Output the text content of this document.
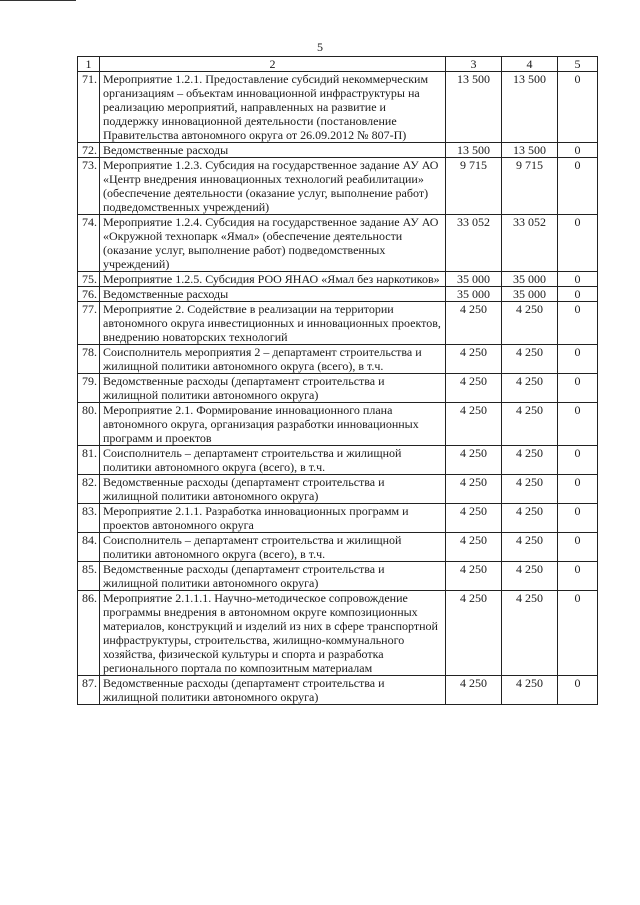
5
1	2	3	4	5
71.	Мероприятие 1.2.1. Предоставление субсидий некоммерческим организациям – объектам инновационной инфраструктуры на реализацию мероприятий, направленных на развитие и поддержку инновационной деятельности (постановление Правительства автономного округа от 26.09.2012 № 807-П)	13 500	13 500	0
72.	Ведомственные расходы	13 500	13 500	0
73.	Мероприятие 1.2.3. Субсидия на государственное задание АУ АО «Центр внедрения инновационных технологий реабилитации» (обеспечение деятельности (оказание услуг, выполнение работ) подведомственных учреждений)	9 715	9 715	0
74.	Мероприятие 1.2.4. Субсидия на государственное задание АУ АО «Окружной технопарк «Ямал» (обеспечение деятельности (оказание услуг, выполнение работ) подведомственных учреждений)	33 052	33 052	0
75.	Мероприятие 1.2.5. Субсидия РОО ЯНАО «Ямал без наркотиков»	35 000	35 000	0
76.	Ведомственные расходы	35 000	35 000	0
77.	Мероприятие 2. Содействие в реализации на территории автономного округа инвестиционных и инновационных проектов, внедрению новаторских технологий	4 250	4 250	0
78.	Соисполнитель мероприятия 2 – департамент строительства и жилищной политики автономного округа (всего), в т.ч.	4 250	4 250	0
79.	Ведомственные расходы (департамент строительства и жилищной политики автономного округа)	4 250	4 250	0
80.	Мероприятие 2.1. Формирование инновационного плана автономного округа, организация разработки инновационных программ и проектов	4 250	4 250	0
81.	Соисполнитель – департамент строительства и жилищной политики автономного округа (всего), в т.ч.	4 250	4 250	0
82.	Ведомственные расходы (департамент строительства и жилищной политики автономного округа)	4 250	4 250	0
83.	Мероприятие 2.1.1. Разработка инновационных программ и проектов автономного округа	4 250	4 250	0
84.	Соисполнитель – департамент строительства и жилищной политики автономного округа (всего), в т.ч.	4 250	4 250	0
85.	Ведомственные расходы (департамент строительства и жилищной политики автономного округа)	4 250	4 250	0
86.	Мероприятие 2.1.1.1. Научно-методическое сопровождение программы внедрения в автономном округе композиционных материалов, конструкций и изделий из них в сфере транспортной инфраструктуры, строительства, жилищно-коммунального хозяйства, физической культуры и спорта и разработка регионального портала по композитным материалам	4 250	4 250	0
87.	Ведомственные расходы (департамент строительства и жилищной политики автономного округа)	4 250	4 250	0
